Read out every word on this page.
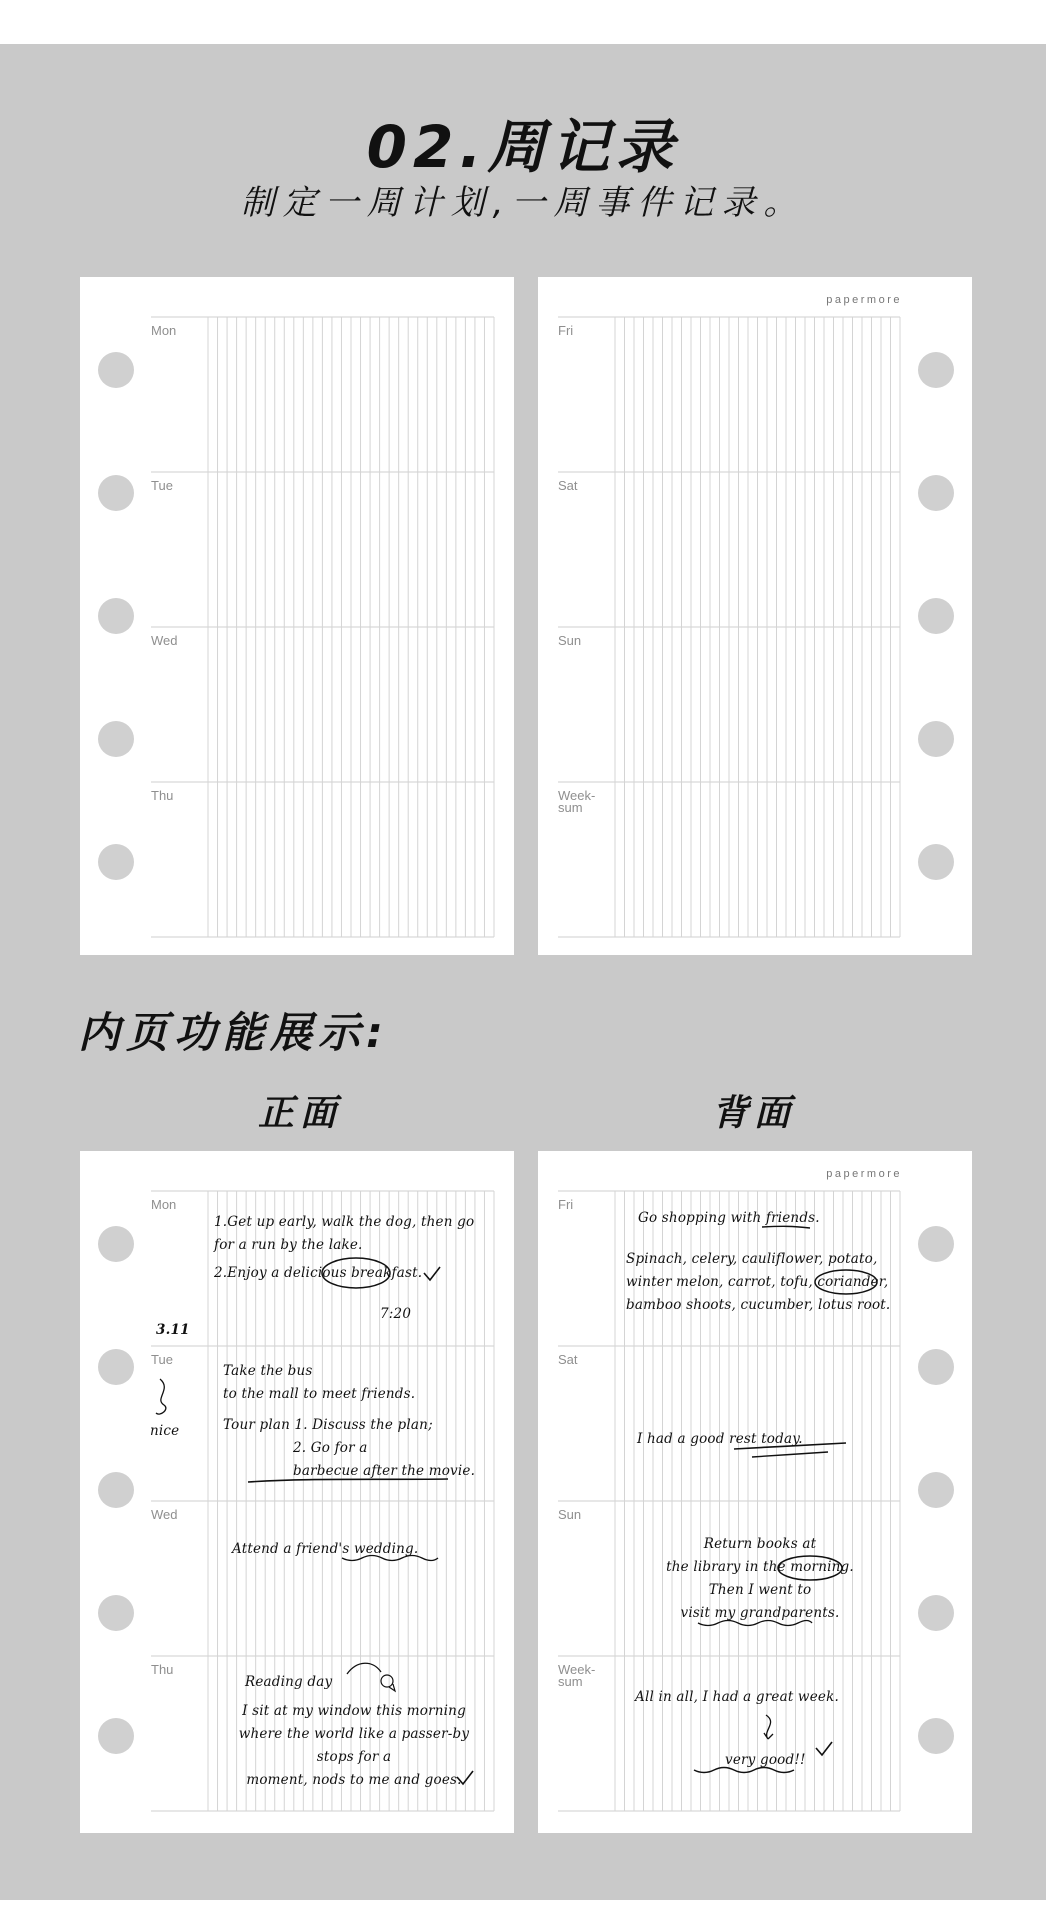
02.周记录
制定一周计划,一周事件记录。
Mon
Tue
Wed
Thu
papermore
Fri
Sat
Sun
Week-
sum
内页功能展示:
正面	背面
Mon
Tue
Wed
Thu
1.Get up early, walk the dog, then go
for a run by the lake.
2.Enjoy a delicious breakfast.
7:20
3.11
nice
Take the bus
to the mall to meet friends.
Tour plan 1. Discuss the plan;
2. Go for a
barbecue after the movie.
Attend a friend's wedding.
Reading day
I sit at my window this morning
where the world like a passer-by
stops for a
moment, nods to me and goes.
papermore
Fri
Sat
Sun
Week-
sum
Go shopping with friends.
Spinach, celery, cauliflower, potato,
winter melon, carrot, tofu, coriander,
bamboo shoots, cucumber, lotus root.
I had a good rest today.
Return books at
the library in the morning.
Then I went to
visit my grandparents.
All in all, I had a great week.
very good!!
